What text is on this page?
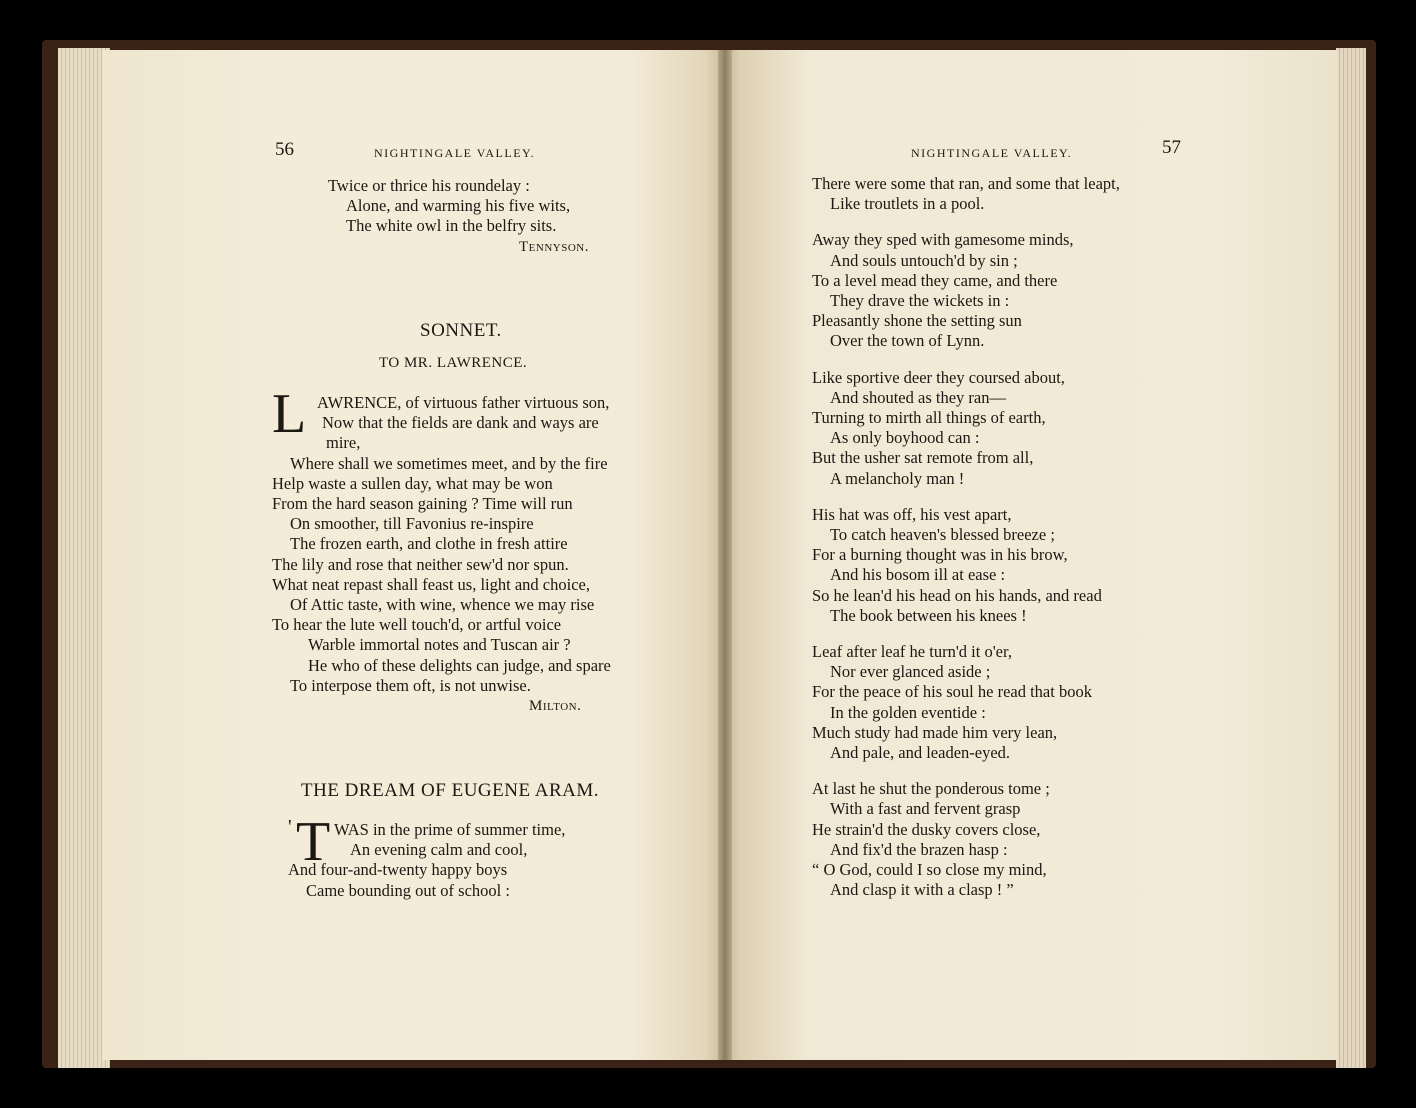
56	NIGHTINGALE VALLEY.
Twice or thrice his roundelay :
Alone, and warming his five wits,
The white owl in the belfry sits.
Tennyson.
SONNET.
TO MR. LAWRENCE.
L AWRENCE, of virtuous father virtuous son,
Now that the fields are dank and ways are
mire,
Where shall we sometimes meet, and by the fire
Help waste a sullen day, what may be won
From the hard season gaining ? Time will run
On smoother, till Favonius re-inspire
The frozen earth, and clothe in fresh attire
The lily and rose that neither sew'd nor spun.
What neat repast shall feast us, light and choice,
Of Attic taste, with wine, whence we may rise
To hear the lute well touch'd, or artful voice
Warble immortal notes and Tuscan air ?
He who of these delights can judge, and spare
To interpose them oft, is not unwise.
Milton.
THE DREAM OF EUGENE ARAM.
' T WAS in the prime of summer time,
An evening calm and cool,
And four-and-twenty happy boys
Came bounding out of school :
NIGHTINGALE VALLEY.	57
There were some that ran, and some that leapt,
Like troutlets in a pool.
Away they sped with gamesome minds,
And souls untouch'd by sin ;
To a level mead they came, and there
They drave the wickets in :
Pleasantly shone the setting sun
Over the town of Lynn.
Like sportive deer they coursed about,
And shouted as they ran—
Turning to mirth all things of earth,
As only boyhood can :
But the usher sat remote from all,
A melancholy man !
His hat was off, his vest apart,
To catch heaven's blessed breeze ;
For a burning thought was in his brow,
And his bosom ill at ease :
So he lean'd his head on his hands, and read
The book between his knees !
Leaf after leaf he turn'd it o'er,
Nor ever glanced aside ;
For the peace of his soul he read that book
In the golden eventide :
Much study had made him very lean,
And pale, and leaden-eyed.
At last he shut the ponderous tome ;
With a fast and fervent grasp
He strain'd the dusky covers close,
And fix'd the brazen hasp :
“ O God, could I so close my mind,
And clasp it with a clasp ! ”
